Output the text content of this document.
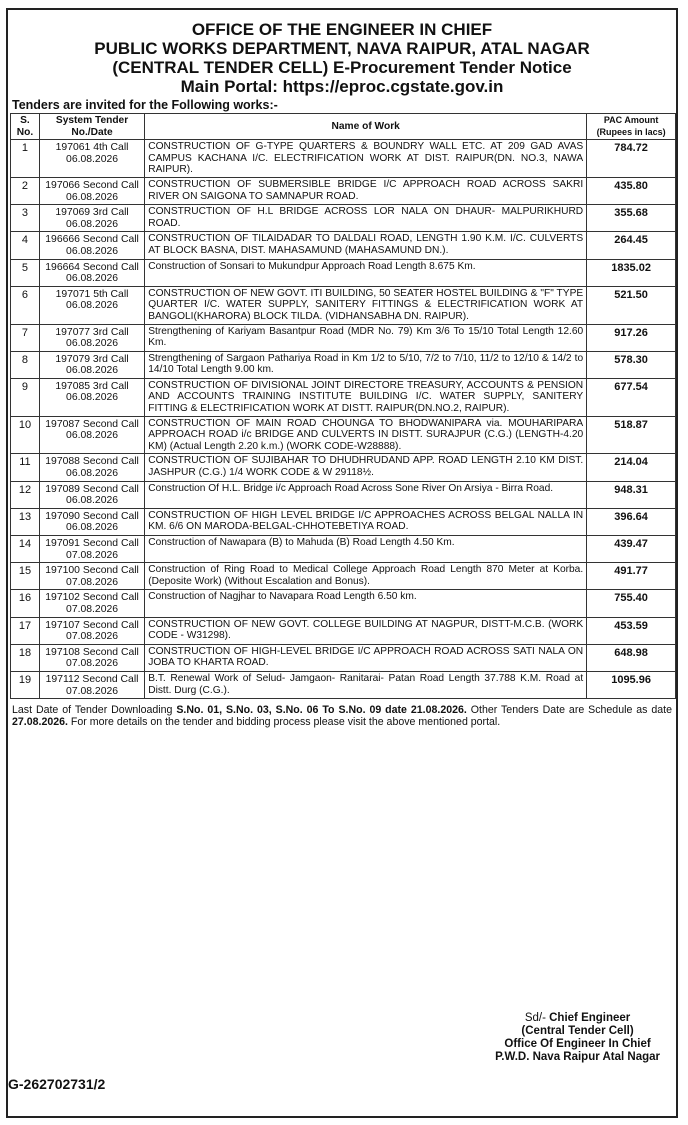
OFFICE OF THE ENGINEER IN CHIEF
PUBLIC WORKS DEPARTMENT, NAVA RAIPUR, ATAL NAGAR
(CENTRAL TENDER CELL) E-Procurement Tender Notice
Main Portal: https://eproc.cgstate.gov.in
Tenders are invited for the Following works:-
S. No.	System Tender No./Date	Name of Work	PAC Amount (Rupees in lacs)
1	197061 4th Call 06.08.2026	CONSTRUCTION OF G-TYPE QUARTERS & BOUNDRY WALL ETC. AT 209 GAD AVAS CAMPUS KACHANA I/C. ELECTRIFICATION WORK AT DIST. RAIPUR(DN. NO.3, NAWA RAIPUR).	784.72
2	197066 Second Call 06.08.2026	CONSTRUCTION OF SUBMERSIBLE BRIDGE I/C APPROACH ROAD ACROSS SAKRI RIVER ON SAIGONA TO SAMNAPUR ROAD.	435.80
3	197069 3rd Call 06.08.2026	CONSTRUCTION OF H.L BRIDGE ACROSS LOR NALA ON DHAUR- MALPURIKHURD ROAD.	355.68
4	196666 Second Call 06.08.2026	CONSTRUCTION OF TILAIDADAR TO DALDALI ROAD, LENGTH 1.90 K.M. I/C. CULVERTS AT BLOCK BASNA, DIST. MAHASAMUND (MAHASAMUND DN.).	264.45
5	196664 Second Call 06.08.2026	Construction of Sonsari to Mukundpur Approach Road Length 8.675 Km.	1835.02
6	197071 5th Call 06.08.2026	CONSTRUCTION OF NEW GOVT. ITI BUILDING, 50 SEATER HOSTEL BUILDING & "F" TYPE QUARTER I/C. WATER SUPPLY, SANITERY FITTINGS & ELECTRIFICATION WORK AT BANGOLI(KHARORA) BLOCK TILDA. (VIDHANSABHA DN. RAIPUR).	521.50
7	197077 3rd Call 06.08.2026	Strengthening of Kariyam Basantpur Road (MDR No. 79) Km 3/6 To 15/10 Total Length 12.60 Km.	917.26
8	197079 3rd Call 06.08.2026	Strengthening of Sargaon Pathariya Road in Km 1/2 to 5/10, 7/2 to 7/10, 11/2 to 12/10 & 14/2 to 14/10 Total Length 9.00 km.	578.30
9	197085 3rd Call 06.08.2026	CONSTRUCTION OF DIVISIONAL JOINT DIRECTORE TREASURY, ACCOUNTS & PENSION AND ACCOUNTS TRAINING INSTITUTE BUILDING I/C. WATER SUPPLY, SANITERY FITTING & ELECTRIFICATION WORK AT DISTT. RAIPUR(DN.NO.2, RAIPUR).	677.54
10	197087 Second Call 06.08.2026	CONSTRUCTION OF MAIN ROAD CHOUNGA TO BHODWANIPARA via. MOUHARIPARA APPROACH ROAD i/c BRIDGE AND CULVERTS IN DISTT. SURAJPUR (C.G.) (LENGTH-4.20 KM) (Actual Length 2.20 k.m.) (WORK CODE-W28888).	518.87
11	197088 Second Call 06.08.2026	CONSTRUCTION OF SUJIBAHAR TO DHUDHRUDAND APP. ROAD LENGTH 2.10 KM DIST. JASHPUR (C.G.) 1/4 WORK CODE & W 29118½.	214.04
12	197089 Second Call 06.08.2026	Construction Of H.L. Bridge i/c Approach Road Across Sone River On Arsiya - Birra Road.	948.31
13	197090 Second Call 06.08.2026	CONSTRUCTION OF HIGH LEVEL BRIDGE I/C APPROACHES ACROSS BELGAL NALLA IN KM. 6/6 ON MARODA-BELGAL-CHHOTEBETIYA ROAD.	396.64
14	197091 Second Call 07.08.2026	Construction of Nawapara (B) to Mahuda (B) Road Length 4.50 Km.	439.47
15	197100 Second Call 07.08.2026	Construction of Ring Road to Medical College Approach Road Length 870 Meter at Korba. (Deposite Work) (Without Escalation and Bonus).	491.77
16	197102 Second Call 07.08.2026	Construction of Nagjhar to Navapara Road Length 6.50 km.	755.40
17	197107 Second Call 07.08.2026	CONSTRUCTION OF NEW GOVT. COLLEGE BUILDING AT NAGPUR, DISTT-M.C.B. (WORK CODE - W31298).	453.59
18	197108 Second Call 07.08.2026	CONSTRUCTION OF HIGH-LEVEL BRIDGE I/C APPROACH ROAD ACROSS SATI NALA ON JOBA TO KHARTA ROAD.	648.98
19	197112 Second Call 07.08.2026	B.T. Renewal Work of Selud- Jamgaon- Ranitarai- Patan Road Length 37.788 K.M. Road at Distt. Durg (C.G.).	1095.96
Last Date of Tender Downloading S.No. 01, S.No. 03, S.No. 06 To S.No. 09 date 21.08.2026. Other Tenders Date are Schedule as date 27.08.2026. For more details on the tender and bidding process please visit the above mentioned portal.
Sd/- Chief Engineer
(Central Tender Cell)
Office Of Engineer In Chief
P.W.D. Nava Raipur Atal Nagar
G-262702731/2
